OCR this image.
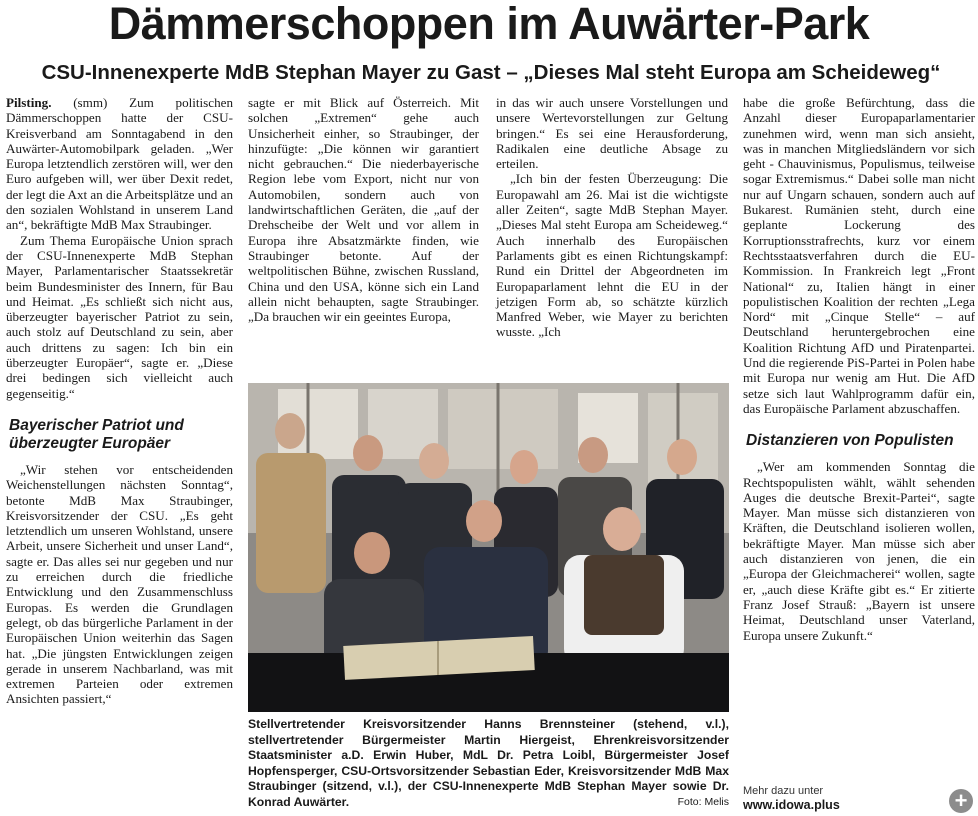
Dämmerschoppen im Auwärter-Park
CSU-Innenexperte MdB Stephan Mayer zu Gast – „Dieses Mal steht Europa am Scheideweg“

Pilsting. (smm) Zum politischen Dämmerschoppen hatte der CSU-Kreisverband am Sonntagabend in den Auwärter-Automobilpark geladen. „Wer Europa letztendlich zerstören will, wer den Euro aufgeben will, wer über Dexit redet, der legt die Axt an die Arbeitsplätze und an den sozialen Wohlstand in unserem Land an“, bekräftigte MdB Max Straubinger.

Zum Thema Europäische Union sprach der CSU-Innenexperte MdB Stephan Mayer, Parlamentarischer Staatssekretär beim Bundesminister des Innern, für Bau und Heimat. „Es schließt sich nicht aus, überzeugter bayerischer Patriot zu sein, auch stolz auf Deutschland zu sein, aber auch drittens zu sagen: Ich bin ein überzeugter Europäer“, sagte er. „Diese drei bedingen sich vielleicht auch gegenseitig.“

Bayerischer Patriot und überzeugter Europäer

„Wir stehen vor entscheidenden Weichenstellungen nächsten Sonntag“, betonte MdB Max Straubinger, Kreisvorsitzender der CSU. „Es geht letztendlich um unseren Wohlstand, unsere Arbeit, unsere Sicherheit und unser Land“, sagte er. Das alles sei nur gegeben und nur zu erreichen durch die friedliche Entwicklung und den Zusammenschluss Europas. Es werden die Grundlagen gelegt, ob das bürgerliche Parlament in der Europäischen Union weiterhin das Sagen hat. „Die jüngsten Entwicklungen zeigen gerade in unserem Nachbarland, was mit extremen Parteien oder extremen Ansichten passiert,“

sagte er mit Blick auf Österreich. Mit solchen „Extremen“ gehe auch Unsicherheit einher, so Straubinger, der hinzufügte: „Die können wir garantiert nicht gebrauchen.“ Die niederbayerische Region lebe vom Export, nicht nur von Automobilen, sondern auch von landwirtschaftlichen Geräten, die „auf der Drehscheibe der Welt und vor allem in Europa ihre Absatzmärkte finden, wie Straubinger betonte. Auf der weltpolitischen Bühne, zwischen Russland, China und den USA, könne sich ein Land allein nicht behaupten, sagte Straubinger. „Da brauchen wir ein geeintes Europa,

in das wir auch unsere Vorstellungen und unsere Wertevorstellungen zur Geltung bringen.“ Es sei eine Herausforderung, Radikalen eine deutliche Absage zu erteilen.

„Ich bin der festen Überzeugung: Die Europawahl am 26. Mai ist die wichtigste aller Zeiten“, sagte MdB Stephan Mayer. „Dieses Mal steht Europa am Scheideweg.“ Auch innerhalb des Europäischen Parlaments gibt es einen Richtungskampf: Rund ein Drittel der Abgeordneten im Europaparlament lehnt die EU in der jetzigen Form ab, so schätzte kürzlich Manfred Weber, wie Mayer zu berichten wusste. „Ich

habe die große Befürchtung, dass die Anzahl dieser Europaparlamentarier zunehmen wird, wenn man sich ansieht, was in manchen Mitgliedsländern vor sich geht - Chauvinismus, Populismus, teilweise sogar Extremismus.“ Dabei solle man nicht nur auf Ungarn schauen, sondern auch auf Bukarest. Rumänien steht, durch eine geplante Lockerung des Korruptionsstrafrechts, kurz vor einem Rechtsstaatsverfahren durch die EU-Kommission. In Frankreich legt „Front National“ zu, Italien hängt in einer populistischen Koalition der rechten „Lega Nord“ mit „Cinque Stelle“ – auf Deutschland heruntergebrochen eine Koalition Richtung AfD und Piratenpartei. Und die regierende PiS-Partei in Polen habe mit Europa nur wenig am Hut. Die AfD setze sich laut Wahlprogramm dafür ein, das Europäische Parlament abzuschaffen.

Distanzieren von Populisten

„Wer am kommenden Sonntag die Rechtspopulisten wählt, wählt sehenden Auges die deutsche Brexit-Partei“, sagte Mayer. Man müsse sich distanzieren von Kräften, die Deutschland isolieren wollen, bekräftigte Mayer. Man müsse sich aber auch distanzieren von jenen, die ein „Europa der Gleichmacherei“ wollen, sagte er, „auch diese Kräfte gibt es.“ Er zitierte Franz Josef Strauß: „Bayern ist unsere Heimat, Deutschland unser Vaterland, Europa unsere Zukunft.“

Stellvertretender Kreisvorsitzender Hanns Brennsteiner (stehend, v.l.), stellvertretender Bürgermeister Martin Hiergeist, Ehrenkreisvorsitzender Staatsminister a.D. Erwin Huber, MdL Dr. Petra Loibl, Bürgermeister Josef Hopfensperger, CSU-Ortsvorsitzender Sebastian Eder, Kreisvorsitzender MdB Max Straubinger (sitzend, v.l.), der CSU-Innenexperte MdB Stephan Mayer sowie Dr. Konrad Auwärter.	Foto: Melis
Mehr dazu unter
www.idowa.plus	+
